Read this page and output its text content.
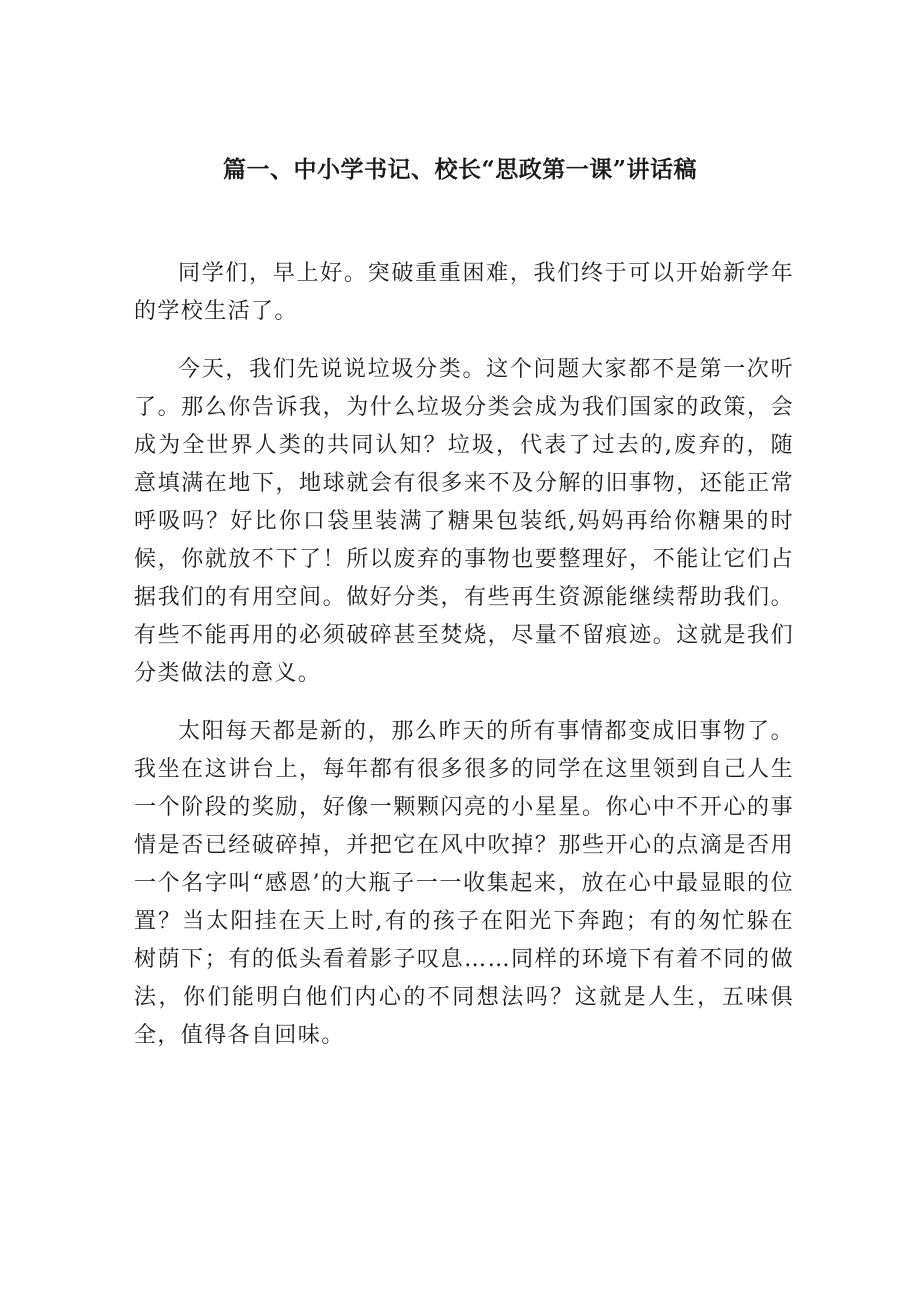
篇一、中小学书记、校长“思政第一课”讲话稿

同学们，早上好。突破重重困难，我们终于可以开始新学年的学校生活了。

今天，我们先说说垃圾分类。这个问题大家都不是第一次听了。那么你告诉我，为什么垃圾分类会成为我们国家的政策，会成为全世界人类的共同认知？垃圾，代表了过去的,废弃的，随意填满在地下，地球就会有很多来不及分解的旧事物，还能正常呼吸吗？好比你口袋里装满了糖果包装纸,妈妈再给你糖果的时候，你就放不下了！所以废弃的事物也要整理好，不能让它们占据我们的有用空间。做好分类，有些再生资源能继续帮助我们。有些不能再用的必须破碎甚至焚烧，尽量不留痕迹。这就是我们分类做法的意义。

太阳每天都是新的，那么昨天的所有事情都变成旧事物了。我坐在这讲台上，每年都有很多很多的同学在这里领到自己人生一个阶段的奖励，好像一颗颗闪亮的小星星。你心中不开心的事情是否已经破碎掉，并把它在风中吹掉？那些开心的点滴是否用一个名字叫“感恩’的大瓶子一一收集起来，放在心中最显眼的位置？当太阳挂在天上时,有的孩子在阳光下奔跑；有的匆忙躲在树荫下；有的低头看着影子叹息……同样的环境下有着不同的做法，你们能明白他们内心的不同想法吗？这就是人生，五味俱全，值得各自回味。
